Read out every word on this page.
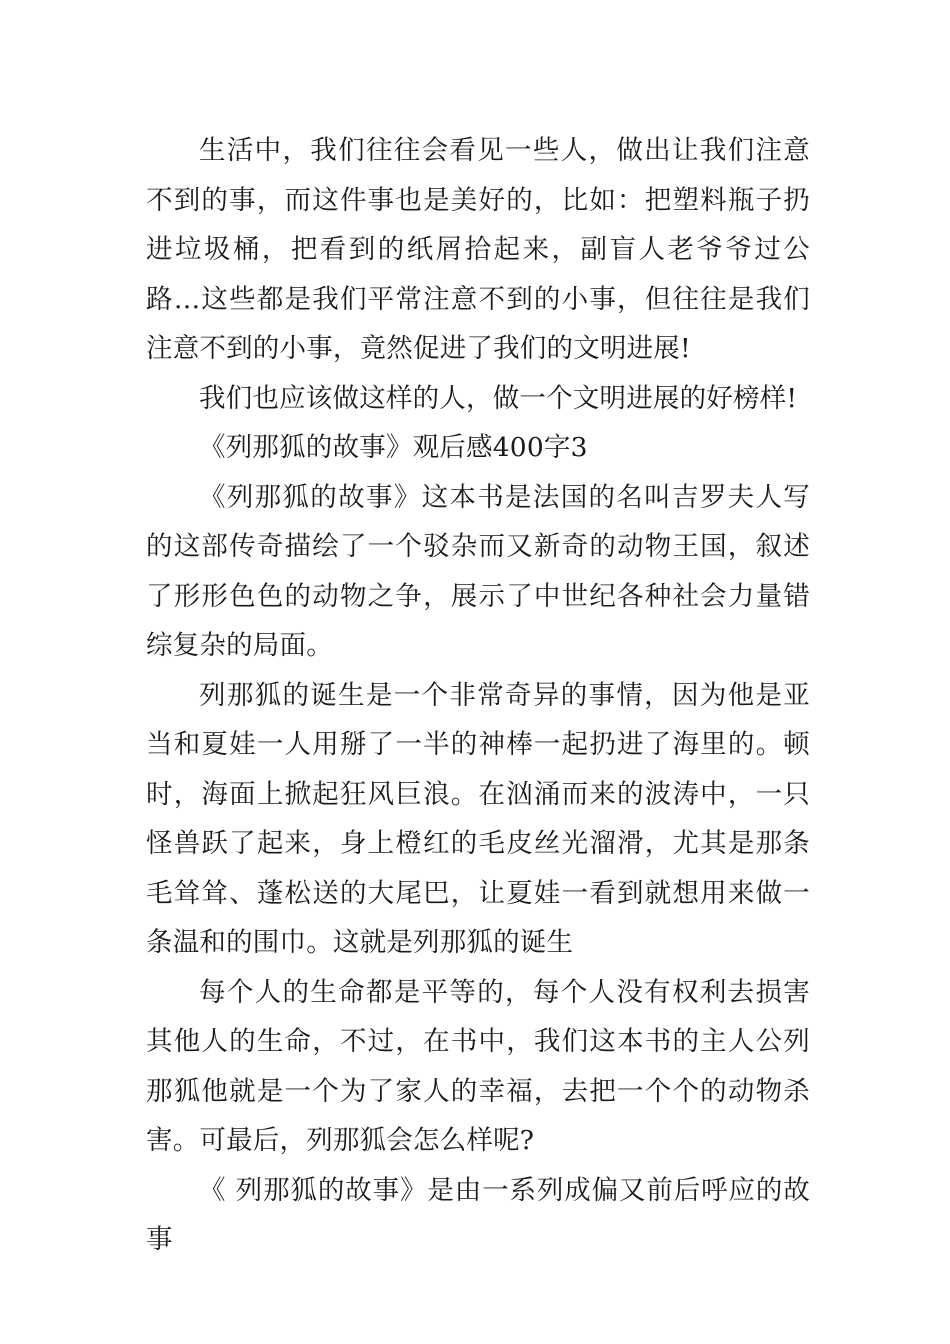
生活中，我们往往会看见一些人，做出让我们注意不到的事，而这件事也是美好的，比如：把塑料瓶子扔进垃圾桶，把看到的纸屑拾起来，副盲人老爷爷过公路…这些都是我们平常注意不到的小事，但往往是我们注意不到的小事，竟然促进了我们的文明进展!

我们也应该做这样的人，做一个文明进展的好榜样!

《列那狐的故事》观后感400字3

《列那狐的故事》这本书是法国的名叫吉罗夫人写的这部传奇描绘了一个驳杂而又新奇的动物王国，叙述了形形色色的动物之争，展示了中世纪各种社会力量错综复杂的局面。

列那狐的诞生是一个非常奇异的事情，因为他是亚当和夏娃一人用掰了一半的神棒一起扔进了海里的。顿时，海面上掀起狂风巨浪。在汹涌而来的波涛中，一只怪兽跃了起来，身上橙红的毛皮丝光溜滑，尤其是那条毛耸耸、蓬松送的大尾巴，让夏娃一看到就想用来做一条温和的围巾。这就是列那狐的诞生

每个人的生命都是平等的，每个人没有权利去损害其他人的生命，不过，在书中，我们这本书的主人公列那狐他就是一个为了家人的幸福，去把一个个的动物杀害。可最后，列那狐会怎么样呢?

《 列那狐的故事》是由一系列成偏又前后呼应的故事
